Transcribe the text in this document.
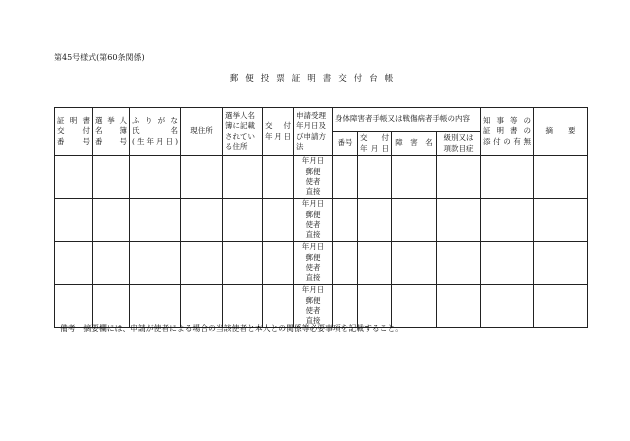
第45号様式(第60条関係)
郵便投票証明書交付台帳
証明書
交　付
番　号	選挙人
名　簿
番　号	ふりがな
氏　　名
(生年月日)	現住所	選挙人名
簿に記載
されてい
る住所	交　付
年月日	申請受理
年月日及
び申請方
法	身体障害者手帳又は戦傷病者手帳の内容				知事等の
証明書の
添付の有無	摘　　要
							番号	交　付
年月日	障　害　名	級別又は
項款目症		
						年月日
郵便
使者
直接						
						年月日
郵便
使者
直接						
						年月日
郵便
使者
直接						
						年月日
郵便
使者
直接						
備考　摘要欄には、申請が使者による場合の当該使者と本人との関係等必要事項を記載すること。
